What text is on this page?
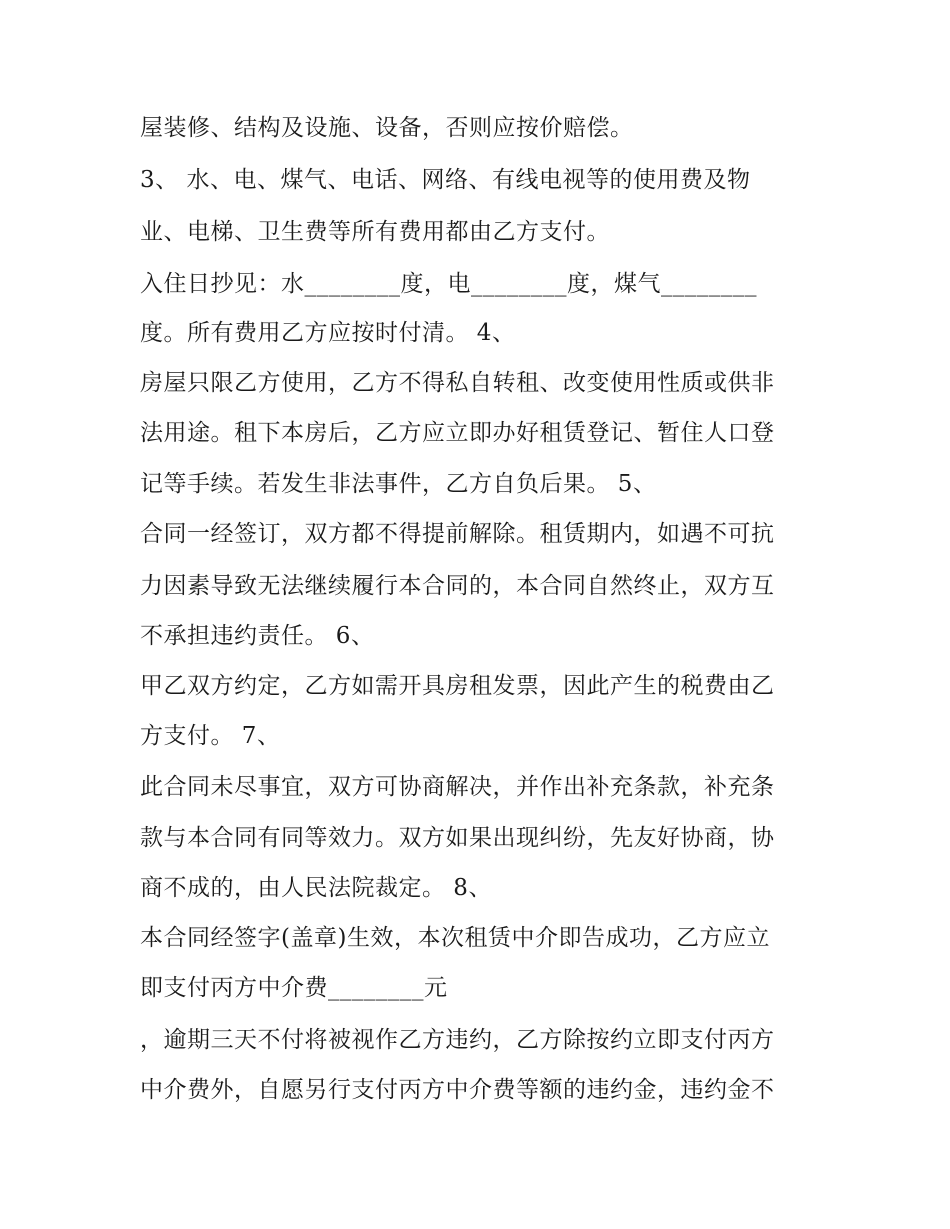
屋装修、结构及设施、设备，否则应按价赔偿。
3、 水、电、煤气、电话、网络、有线电视等的使用费及物
业、电梯、卫生费等所有费用都由乙方支付。
入住日抄见：水________度，电________度，煤气________
度。所有费用乙方应按时付清。 4、
房屋只限乙方使用，乙方不得私自转租、改变使用性质或供非
法用途。租下本房后，乙方应立即办好租赁登记、暂住人口登
记等手续。若发生非法事件，乙方自负后果。 5、
合同一经签订，双方都不得提前解除。租赁期内，如遇不可抗
力因素导致无法继续履行本合同的，本合同自然终止，双方互
不承担违约责任。 6、
甲乙双方约定，乙方如需开具房租发票，因此产生的税费由乙
方支付。 7、
此合同未尽事宜，双方可协商解决，并作出补充条款，补充条
款与本合同有同等效力。双方如果出现纠纷，先友好协商，协
商不成的，由人民法院裁定。 8、
本合同经签字(盖章)生效，本次租赁中介即告成功，乙方应立
即支付丙方中介费________元
，逾期三天不付将被视作乙方违约，乙方除按约立即支付丙方
中介费外，自愿另行支付丙方中介费等额的违约金，违约金不
